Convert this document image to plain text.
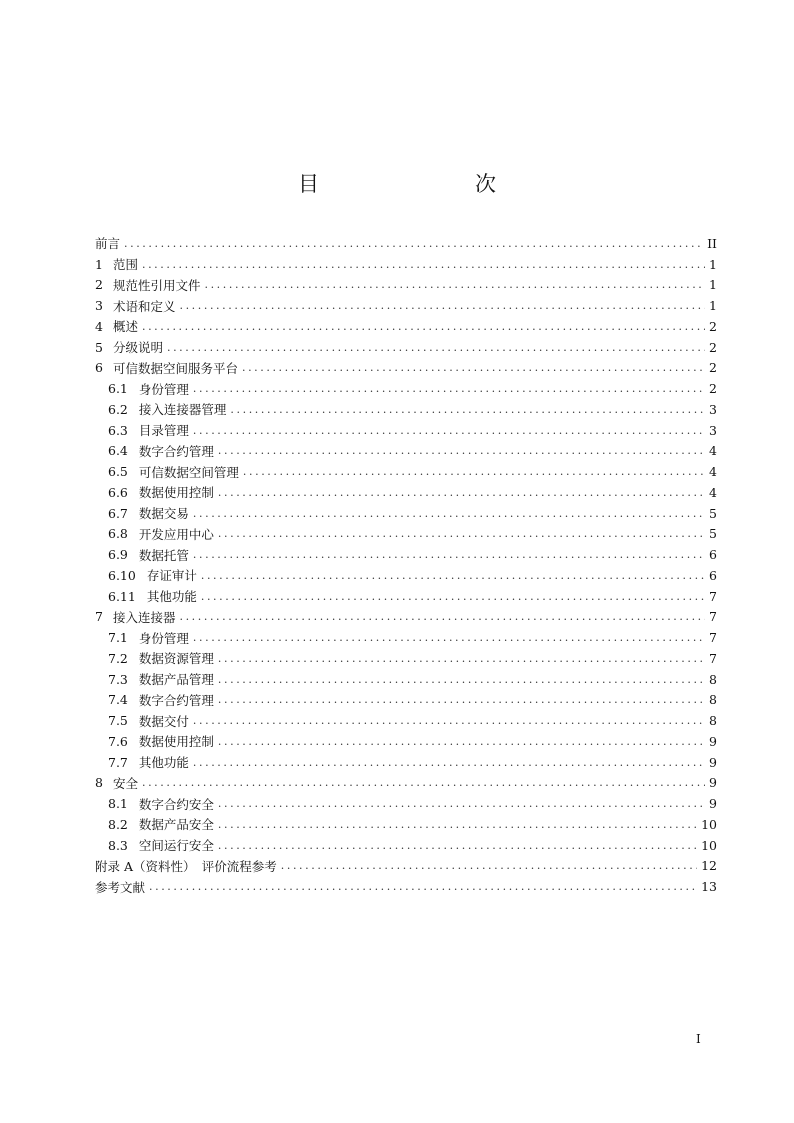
目　　次
前言 .....	II
1 范围 .....	1
2 规范性引用文件 .....	1
3 术语和定义 .....	1
4 概述 .....	2
5 分级说明 .....	2
6 可信数据空间服务平台 .....	2
6.1 身份管理 .....	2
6.2 接入连接器管理 .....	3
6.3 目录管理 .....	3
6.4 数字合约管理 .....	4
6.5 可信数据空间管理 .....	4
6.6 数据使用控制 .....	4
6.7 数据交易 .....	5
6.8 开发应用中心 .....	5
6.9 数据托管 .....	6
6.10 存证审计 .....	6
6.11 其他功能 .....	7
7 接入连接器 .....	7
7.1 身份管理 .....	7
7.2 数据资源管理 .....	7
7.3 数据产品管理 .....	8
7.4 数字合约管理 .....	8
7.5 数据交付 .....	8
7.6 数据使用控制 .....	9
7.7 其他功能 .....	9
8 安全 .....	9
8.1 数字合约安全 .....	9
8.2 数据产品安全 .....	10
8.3 空间运行安全 .....	10
附录 A（资料性）　评价流程参考 .....	12
参考文献 .....	13
I
